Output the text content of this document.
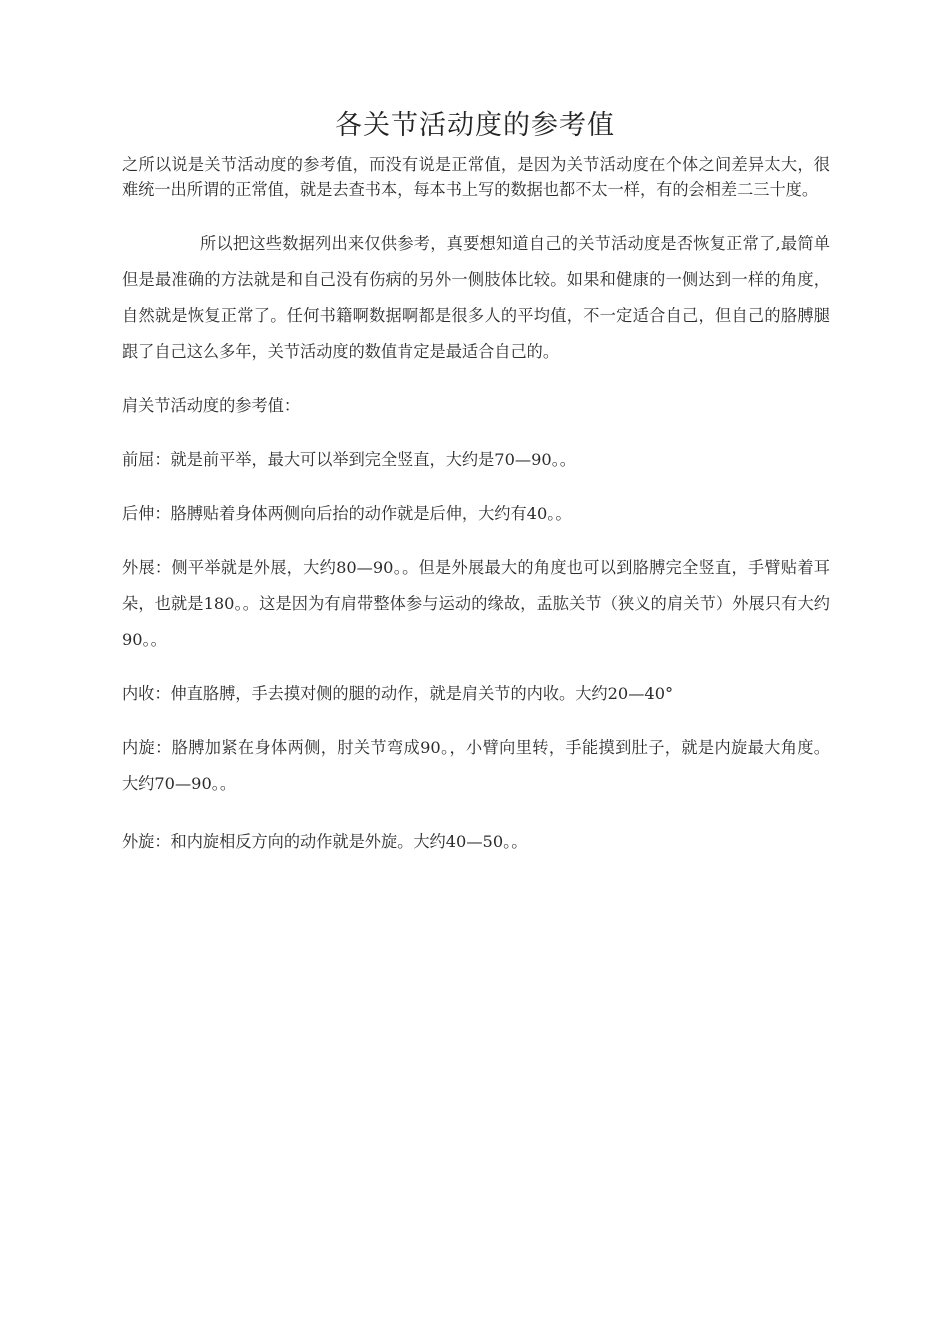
各关节活动度的参考值

之所以说是关节活动度的参考值，而没有说是正常值，是因为关节活动度在个体之间差异太大，很难统一出所谓的正常值，就是去查书本，每本书上写的数据也都不太一样，有的会相差二三十度。

所以把这些数据列出来仅供参考，真要想知道自己的关节活动度是否恢复正常了,最简单但是最准确的方法就是和自己没有伤病的另外一侧肢体比较。如果和健康的一侧达到一样的角度，自然就是恢复正常了。任何书籍啊数据啊都是很多人的平均值，不一定适合自己，但自己的胳膊腿跟了自己这么多年，关节活动度的数值肯定是最适合自己的。

肩关节活动度的参考值：

前屈：就是前平举，最大可以举到完全竖直，大约是70—90。。

后伸：胳膊贴着身体两侧向后抬的动作就是后伸，大约有40。。

外展：侧平举就是外展，大约80—90。。但是外展最大的角度也可以到胳膊完全竖直，手臂贴着耳朵，也就是180。。这是因为有肩带整体参与运动的缘故，盂肱关节（狭义的肩关节）外展只有大约90。。

内收：伸直胳膊，手去摸对侧的腿的动作，就是肩关节的内收。大约20—40°

内旋：胳膊加紧在身体两侧，肘关节弯成90。，小臂向里转，手能摸到肚子，就是内旋最大角度。大约70—90。。

外旋：和内旋相反方向的动作就是外旋。大约40—50。。
